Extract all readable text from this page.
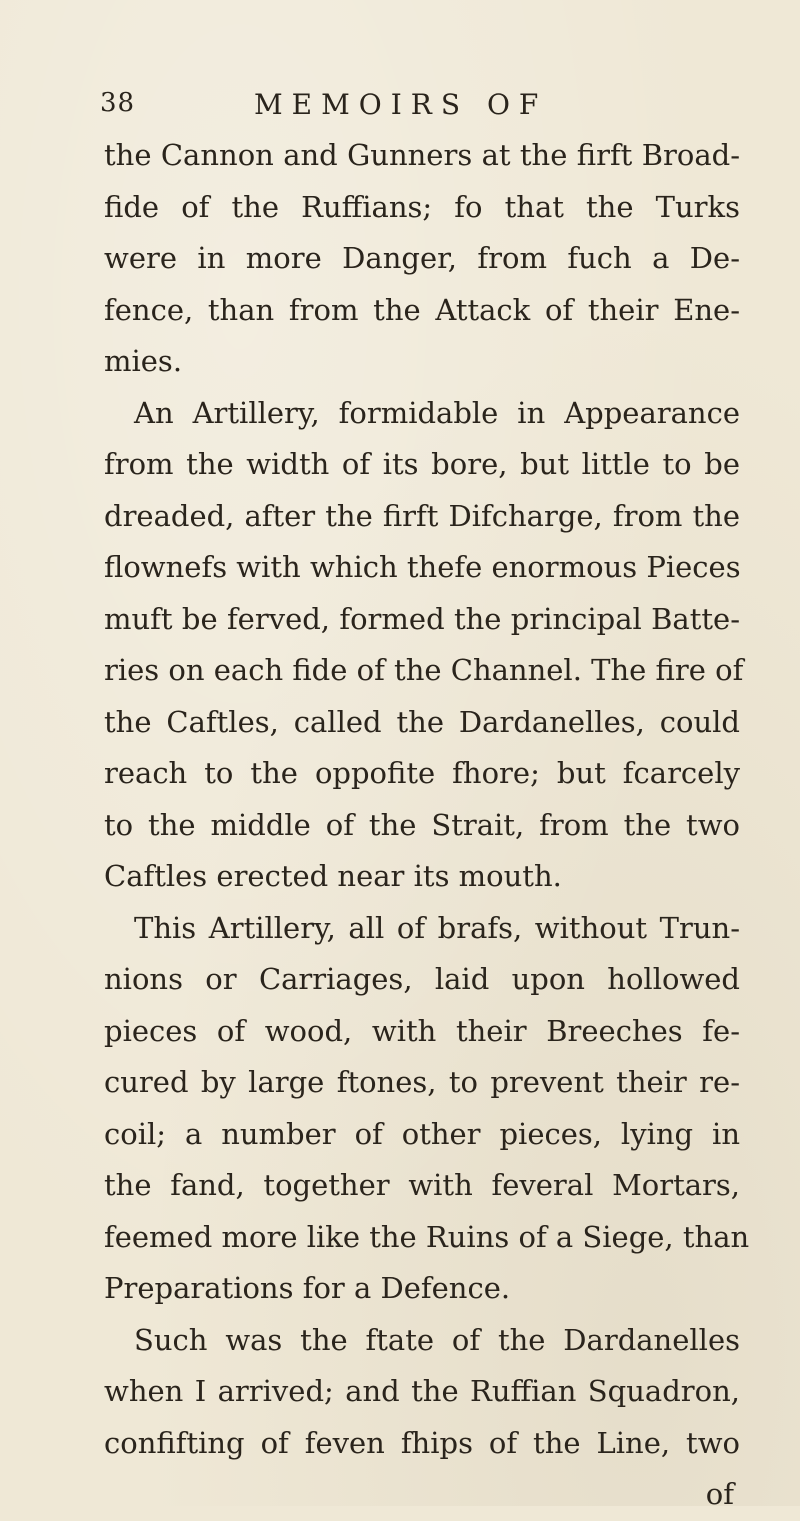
38	MEMOIRS OF
the Cannon and Gunners at the firft Broad-
fide of the Ruffians; fo that the Turks
were in more Danger, from fuch a De-
fence, than from the Attack of their Ene-
mies.
An Artillery, formidable in Appearance
from the width of its bore, but little to be
dreaded, after the firft Difcharge, from the
flownefs with which thefe enormous Pieces
muft be ferved, formed the principal Batte-
ries on each fide of the Channel. The fire of
the Caftles, called the Dardanelles, could
reach to the oppofite fhore; but fcarcely
to the middle of the Strait, from the two
Caftles erected near its mouth.
This Artillery, all of brafs, without Trun-
nions or Carriages, laid upon hollowed
pieces of wood, with their Breeches fe-
cured by large ftones, to prevent their re-
coil; a number of other pieces, lying in
the fand, together with feveral Mortars,
feemed more like the Ruins of a Siege, than
Preparations for a Defence.
Such was the ftate of the Dardanelles
when I arrived; and the Ruffian Squadron,
confifting of feven fhips of the Line, two
of
